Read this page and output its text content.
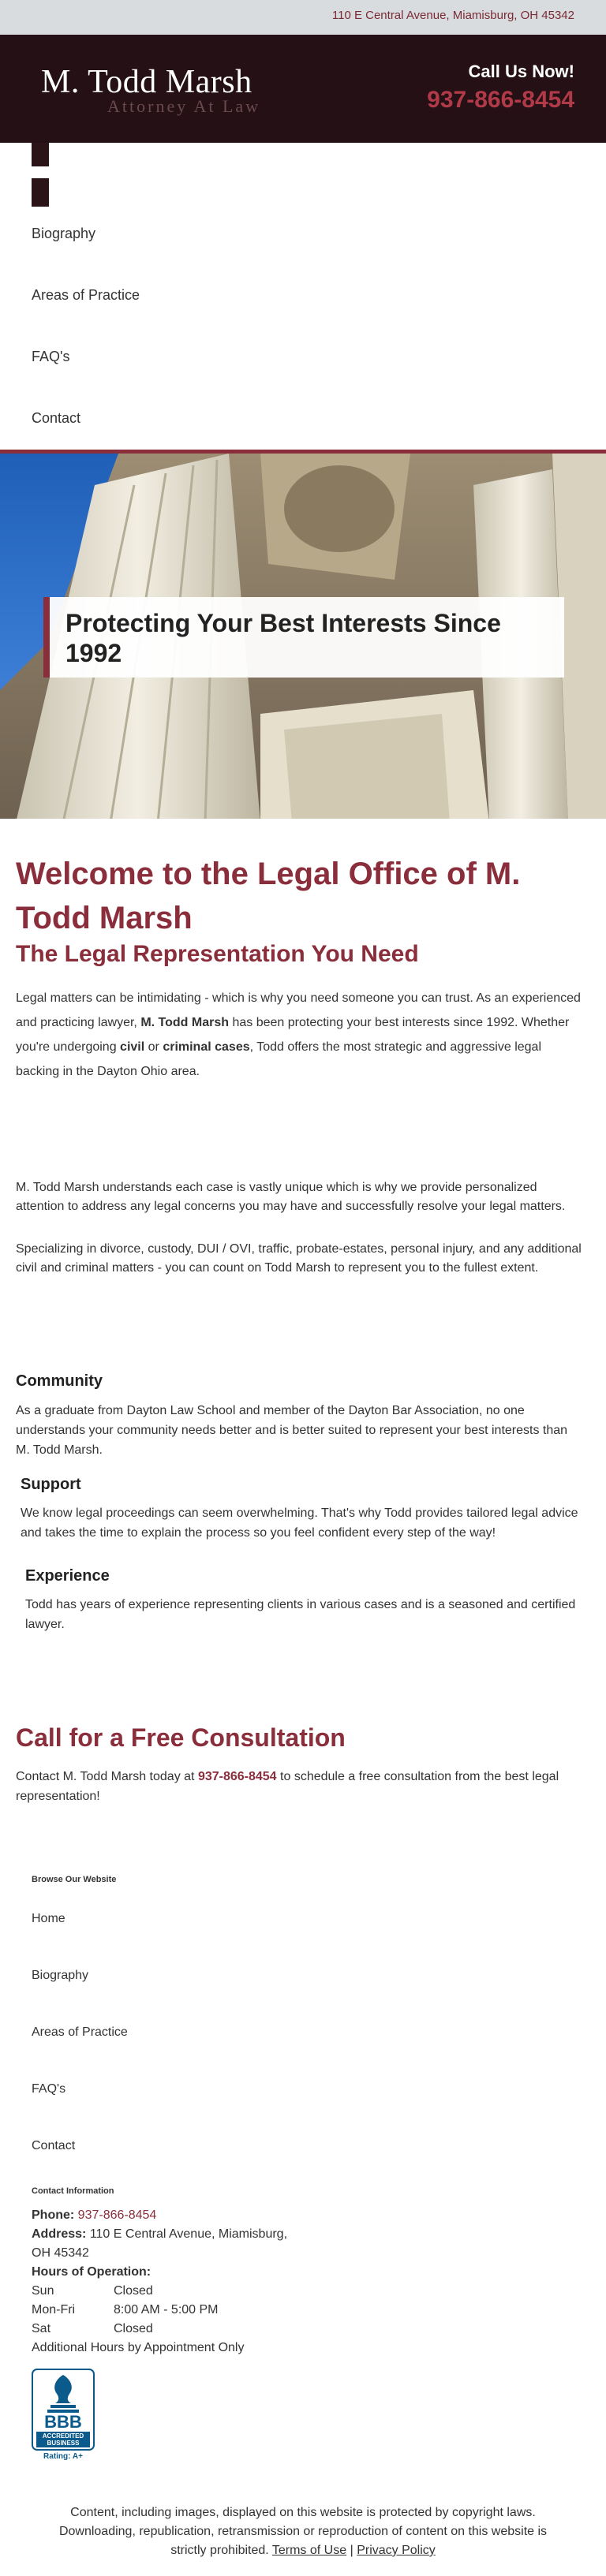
110 E Central Avenue, Miamisburg, OH 45342
M. Todd Marsh
Attorney At Law
Call Us Now!
937-866-8454
Biography
Areas of Practice
FAQ's
Contact
Protecting Your Best Interests Since 1992
Welcome to the Legal Office of M. Todd Marsh
The Legal Representation You Need
Legal matters can be intimidating - which is why you need someone you can trust. As an experienced and practicing lawyer, M. Todd Marsh has been protecting your best interests since 1992. Whether you're undergoing civil or criminal cases, Todd offers the most strategic and aggressive legal backing in the Dayton Ohio area.
M. Todd Marsh understands each case is vastly unique which is why we provide personalized attention to address any legal concerns you may have and successfully resolve your legal matters.
Specializing in divorce, custody, DUI / OVI, traffic, probate-estates, personal injury, and any additional civil and criminal matters - you can count on Todd Marsh to represent you to the fullest extent.
Community
As a graduate from Dayton Law School and member of the Dayton Bar Association, no one understands your community needs better and is better suited to represent your best interests than M. Todd Marsh.
Support
We know legal proceedings can seem overwhelming. That's why Todd provides tailored legal advice and takes the time to explain the process so you feel confident every step of the way!
Experience
Todd has years of experience representing clients in various cases and is a seasoned and certified lawyer.
Call for a Free Consultation
Contact M. Todd Marsh today at 937-866-8454 to schedule a free consultation from the best legal representation!
Browse Our Website
Home
Biography
Areas of Practice
FAQ's
Contact
Contact Information
Phone: 937-866-8454
Address: 110 E Central Avenue, Miamisburg,
OH 45342
Hours of Operation:
Sun	Closed
Mon-Fri	8:00 AM - 5:00 PM
Sat	Closed
Additional Hours by Appointment Only
BBB
ACCREDITED
BUSINESS
Rating: A+
Content, including images, displayed on this website is protected by copyright laws. Downloading, republication, retransmission or reproduction of content on this website is strictly prohibited. Terms of Use | Privacy Policy
